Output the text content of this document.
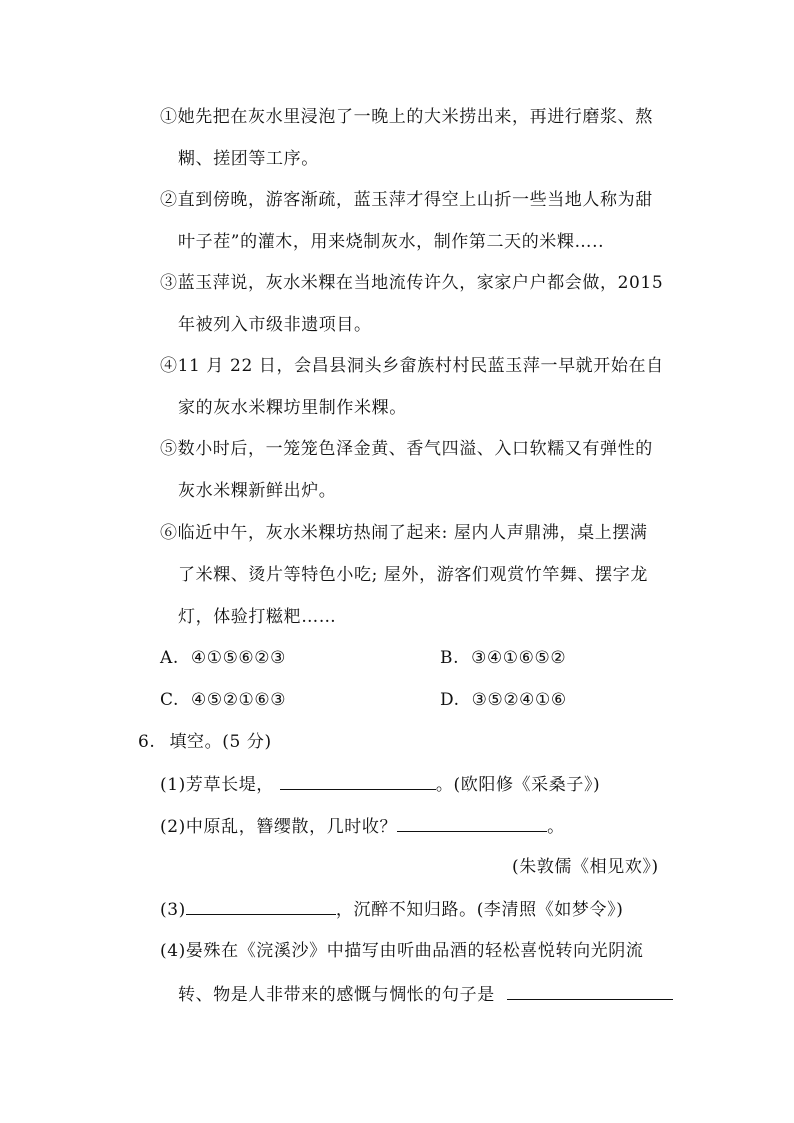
①她先把在灰水里浸泡了一晚上的大米捞出来，再进行磨浆、熬
糊、搓团等工序。
②直到傍晚，游客渐疏，蓝玉萍才得空上山折一些当地人称为甜
叶子茬”的灌木，用来烧制灰水，制作第二天的米粿…..
③蓝玉萍说，灰水米粿在当地流传许久，家家户户都会做，2015
年被列入市级非遗项目。
④11 月 22 日，会昌县洞头乡畲族村村民蓝玉萍一早就开始在自
家的灰水米粿坊里制作米粿。
⑤数小时后，一笼笼色泽金黄、香气四溢、入口软糯又有弹性的
灰水米粿新鲜出炉。
⑥临近中午，灰水米粿坊热闹了起来: 屋内人声鼎沸，桌上摆满
了米粿、烫片等特色小吃; 屋外，游客们观赏竹竿舞、摆字龙
灯，体验打糍粑……
A. ④①⑤⑥②③	B. ③④①⑥⑤②
C. ④⑤②①⑥③	D. ③⑤②④①⑥
6. 填空。(5 分)
(1)芳草长堤，	。(欧阳修《采桑子》)
(2)中原乱，簪缨散，几时收？	。
(朱敦儒《相见欢》)
(3)	，沉醉不知归路。(李清照《如梦令》)
(4)晏殊在《浣溪沙》中描写由听曲品酒的轻松喜悦转向光阴流
转、物是人非带来的感慨与惆怅的句子是
